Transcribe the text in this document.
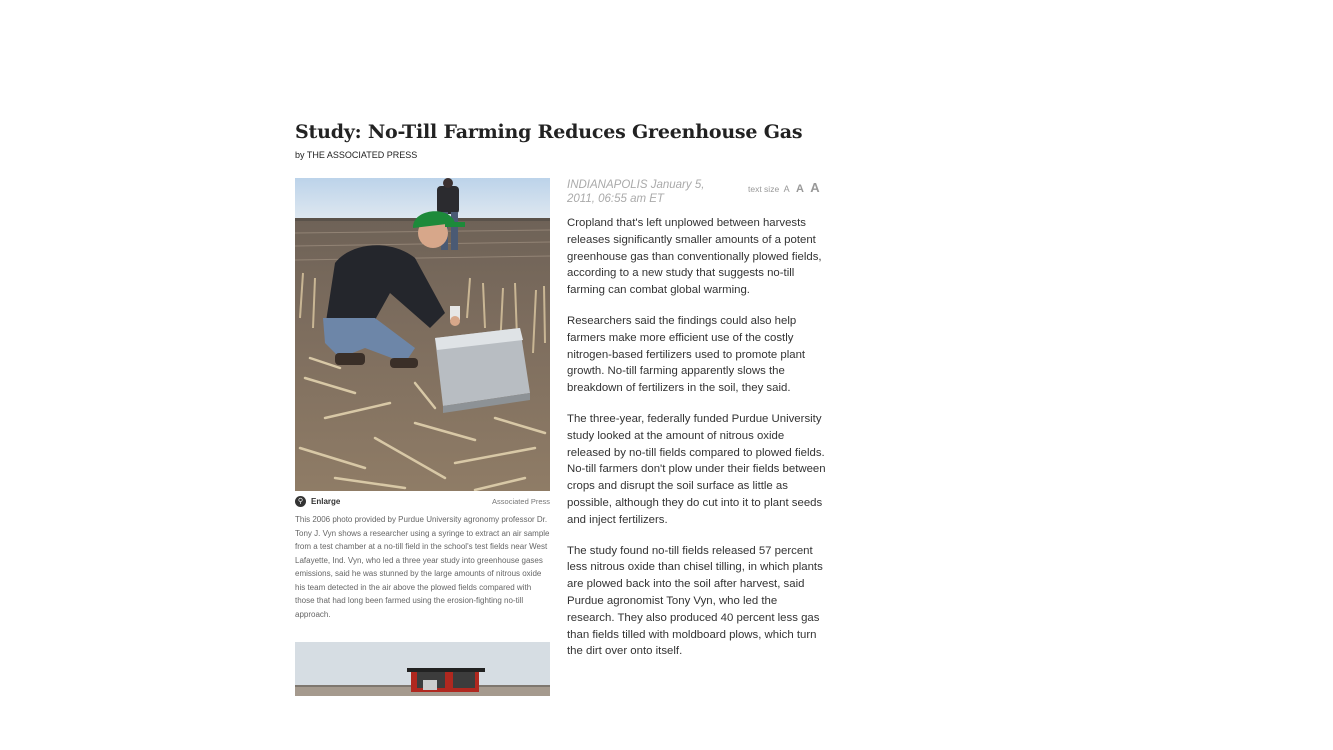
Study: No-Till Farming Reduces Greenhouse Gas
by THE ASSOCIATED PRESS
⚲ Enlarge	Associated Press
This 2006 photo provided by Purdue University agronomy professor Dr. Tony J. Vyn shows a researcher using a syringe to extract an air sample from a test chamber at a no-till field in the school's test fields near West Lafayette, Ind. Vyn, who led a three year study into greenhouse gases emissions, said he was stunned by the large amounts of nitrous oxide his team detected in the air above the plowed fields compared with those that had long been farmed using the erosion-fighting no-till approach.
INDIANAPOLIS January 5, 2011, 06:55 am ET
text size A A A

Cropland that's left unplowed between harvests releases significantly smaller amounts of a potent greenhouse gas than conventionally plowed fields, according to a new study that suggests no-till farming can combat global warming.

Researchers said the findings could also help farmers make more efficient use of the costly nitrogen-based fertilizers used to promote plant growth. No-till farming apparently slows the breakdown of fertilizers in the soil, they said.

The three-year, federally funded Purdue University study looked at the amount of nitrous oxide released by no-till fields compared to plowed fields. No-till farmers don't plow under their fields between crops and disrupt the soil surface as little as possible, although they do cut into it to plant seeds and inject fertilizers.

The study found no-till fields released 57 percent less nitrous oxide than chisel tilling, in which plants are plowed back into the soil after harvest, said Purdue agronomist Tony Vyn, who led the research. They also produced 40 percent less gas than fields tilled with moldboard plows, which turn the dirt over onto itself.
